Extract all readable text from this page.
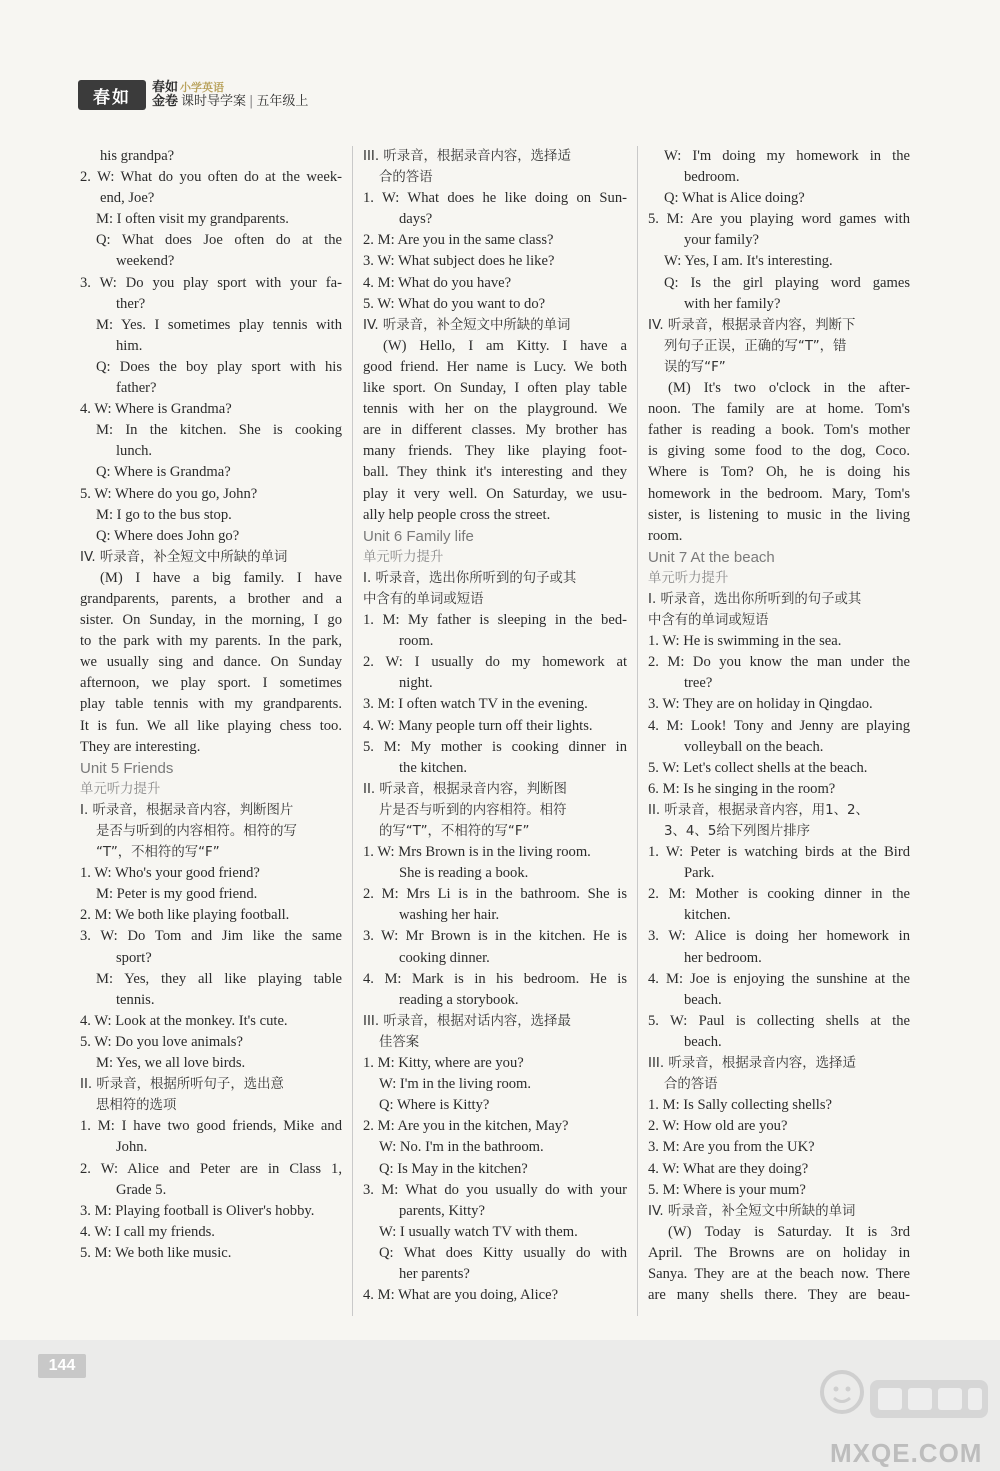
春如	春如 小学英语
金卷 课时导学案 | 五年级上
his grandpa?
2. W: What do you often do at the week-
end, Joe?
M: I often visit my grandparents.
Q: What does Joe often do at the
weekend?
3. W: Do you play sport with your fa-
ther?
M: Yes. I sometimes play tennis with
him.
Q: Does the boy play sport with his
father?
4. W: Where is Grandma?
M: In the kitchen. She is cooking
lunch.
Q: Where is Grandma?
5. W: Where do you go, John?
M: I go to the bus stop.
Q: Where does John go?
IV. 听录音，补全短文中所缺的单词
(M) I have a big family. I have
grandparents, parents, a brother and a
sister. On Sunday, in the morning, I go
to the park with my parents. In the park,
we usually sing and dance. On Sunday
afternoon, we play sport. I sometimes
play table tennis with my grandparents.
It is fun. We all like playing chess too.
They are interesting.
Unit 5 Friends
单元听力提升
I. 听录音，根据录音内容，判断图片
是否与听到的内容相符。相符的写
“T”，不相符的写“F”
1. W: Who's your good friend?
M: Peter is my good friend.
2. M: We both like playing football.
3. W: Do Tom and Jim like the same
sport?
M: Yes, they all like playing table
tennis.
4. W: Look at the monkey. It's cute.
5. W: Do you love animals?
M: Yes, we all love birds.
II. 听录音，根据所听句子，选出意
思相符的选项
1. M: I have two good friends, Mike and
John.
2. W: Alice and Peter are in Class 1,
Grade 5.
3. M: Playing football is Oliver's hobby.
4. W: I call my friends.
5. M: We both like music.
III. 听录音，根据录音内容，选择适
合的答语
1. W: What does he like doing on Sun-
days?
2. M: Are you in the same class?
3. W: What subject does he like?
4. M: What do you have?
5. W: What do you want to do?
IV. 听录音，补全短文中所缺的单词
(W) Hello, I am Kitty. I have a
good friend. Her name is Lucy. We both
like sport. On Sunday, I often play table
tennis with her on the playground. We
are in different classes. My brother has
many friends. They like playing foot-
ball. They think it's interesting and they
play it very well. On Saturday, we usu-
ally help people cross the street.
Unit 6 Family life
单元听力提升
I. 听录音，选出你所听到的句子或其
中含有的单词或短语
1. M: My father is sleeping in the bed-
room.
2. W: I usually do my homework at
night.
3. M: I often watch TV in the evening.
4. W: Many people turn off their lights.
5. M: My mother is cooking dinner in
the kitchen.
II. 听录音，根据录音内容，判断图
片是否与听到的内容相符。相符
的写“T”，不相符的写“F”
1. W: Mrs Brown is in the living room.
She is reading a book.
2. M: Mrs Li is in the bathroom. She is
washing her hair.
3. W: Mr Brown is in the kitchen. He is
cooking dinner.
4. M: Mark is in his bedroom. He is
reading a storybook.
III. 听录音，根据对话内容，选择最
佳答案
1. M: Kitty, where are you?
W: I'm in the living room.
Q: Where is Kitty?
2. M: Are you in the kitchen, May?
W: No. I'm in the bathroom.
Q: Is May in the kitchen?
3. M: What do you usually do with your
parents, Kitty?
W: I usually watch TV with them.
Q: What does Kitty usually do with
her parents?
4. M: What are you doing, Alice?
W: I'm doing my homework in the
bedroom.
Q: What is Alice doing?
5. M: Are you playing word games with
your family?
W: Yes, I am. It's interesting.
Q: Is the girl playing word games
with her family?
IV. 听录音，根据录音内容，判断下
列句子正误，正确的写“T”，错
误的写“F”
(M) It's two o'clock in the after-
noon. The family are at home. Tom's
father is reading a book. Tom's mother
is giving some food to the dog, Coco.
Where is Tom? Oh, he is doing his
homework in the bedroom. Mary, Tom's
sister, is listening to music in the living
room.
Unit 7 At the beach
单元听力提升
I. 听录音，选出你所听到的句子或其
中含有的单词或短语
1. W: He is swimming in the sea.
2. M: Do you know the man under the
tree?
3. W: They are on holiday in Qingdao.
4. M: Look! Tony and Jenny are playing
volleyball on the beach.
5. W: Let's collect shells at the beach.
6. M: Is he singing in the room?
II. 听录音，根据录音内容，用1、2、
3、4、5给下列图片排序
1. W: Peter is watching birds at the Bird
Park.
2. M: Mother is cooking dinner in the
kitchen.
3. W: Alice is doing her homework in
her bedroom.
4. M: Joe is enjoying the sunshine at the
beach.
5. W: Paul is collecting shells at the
beach.
III. 听录音，根据录音内容，选择适
合的答语
1. M: Is Sally collecting shells?
2. W: How old are you?
3. M: Are you from the UK?
4. W: What are they doing?
5. M: Where is your mum?
IV. 听录音，补全短文中所缺的单词
(W) Today is Saturday. It is 3rd
April. The Browns are on holiday in
Sanya. They are at the beach now. There
are many shells there. They are beau-
144
MXQE.COM
